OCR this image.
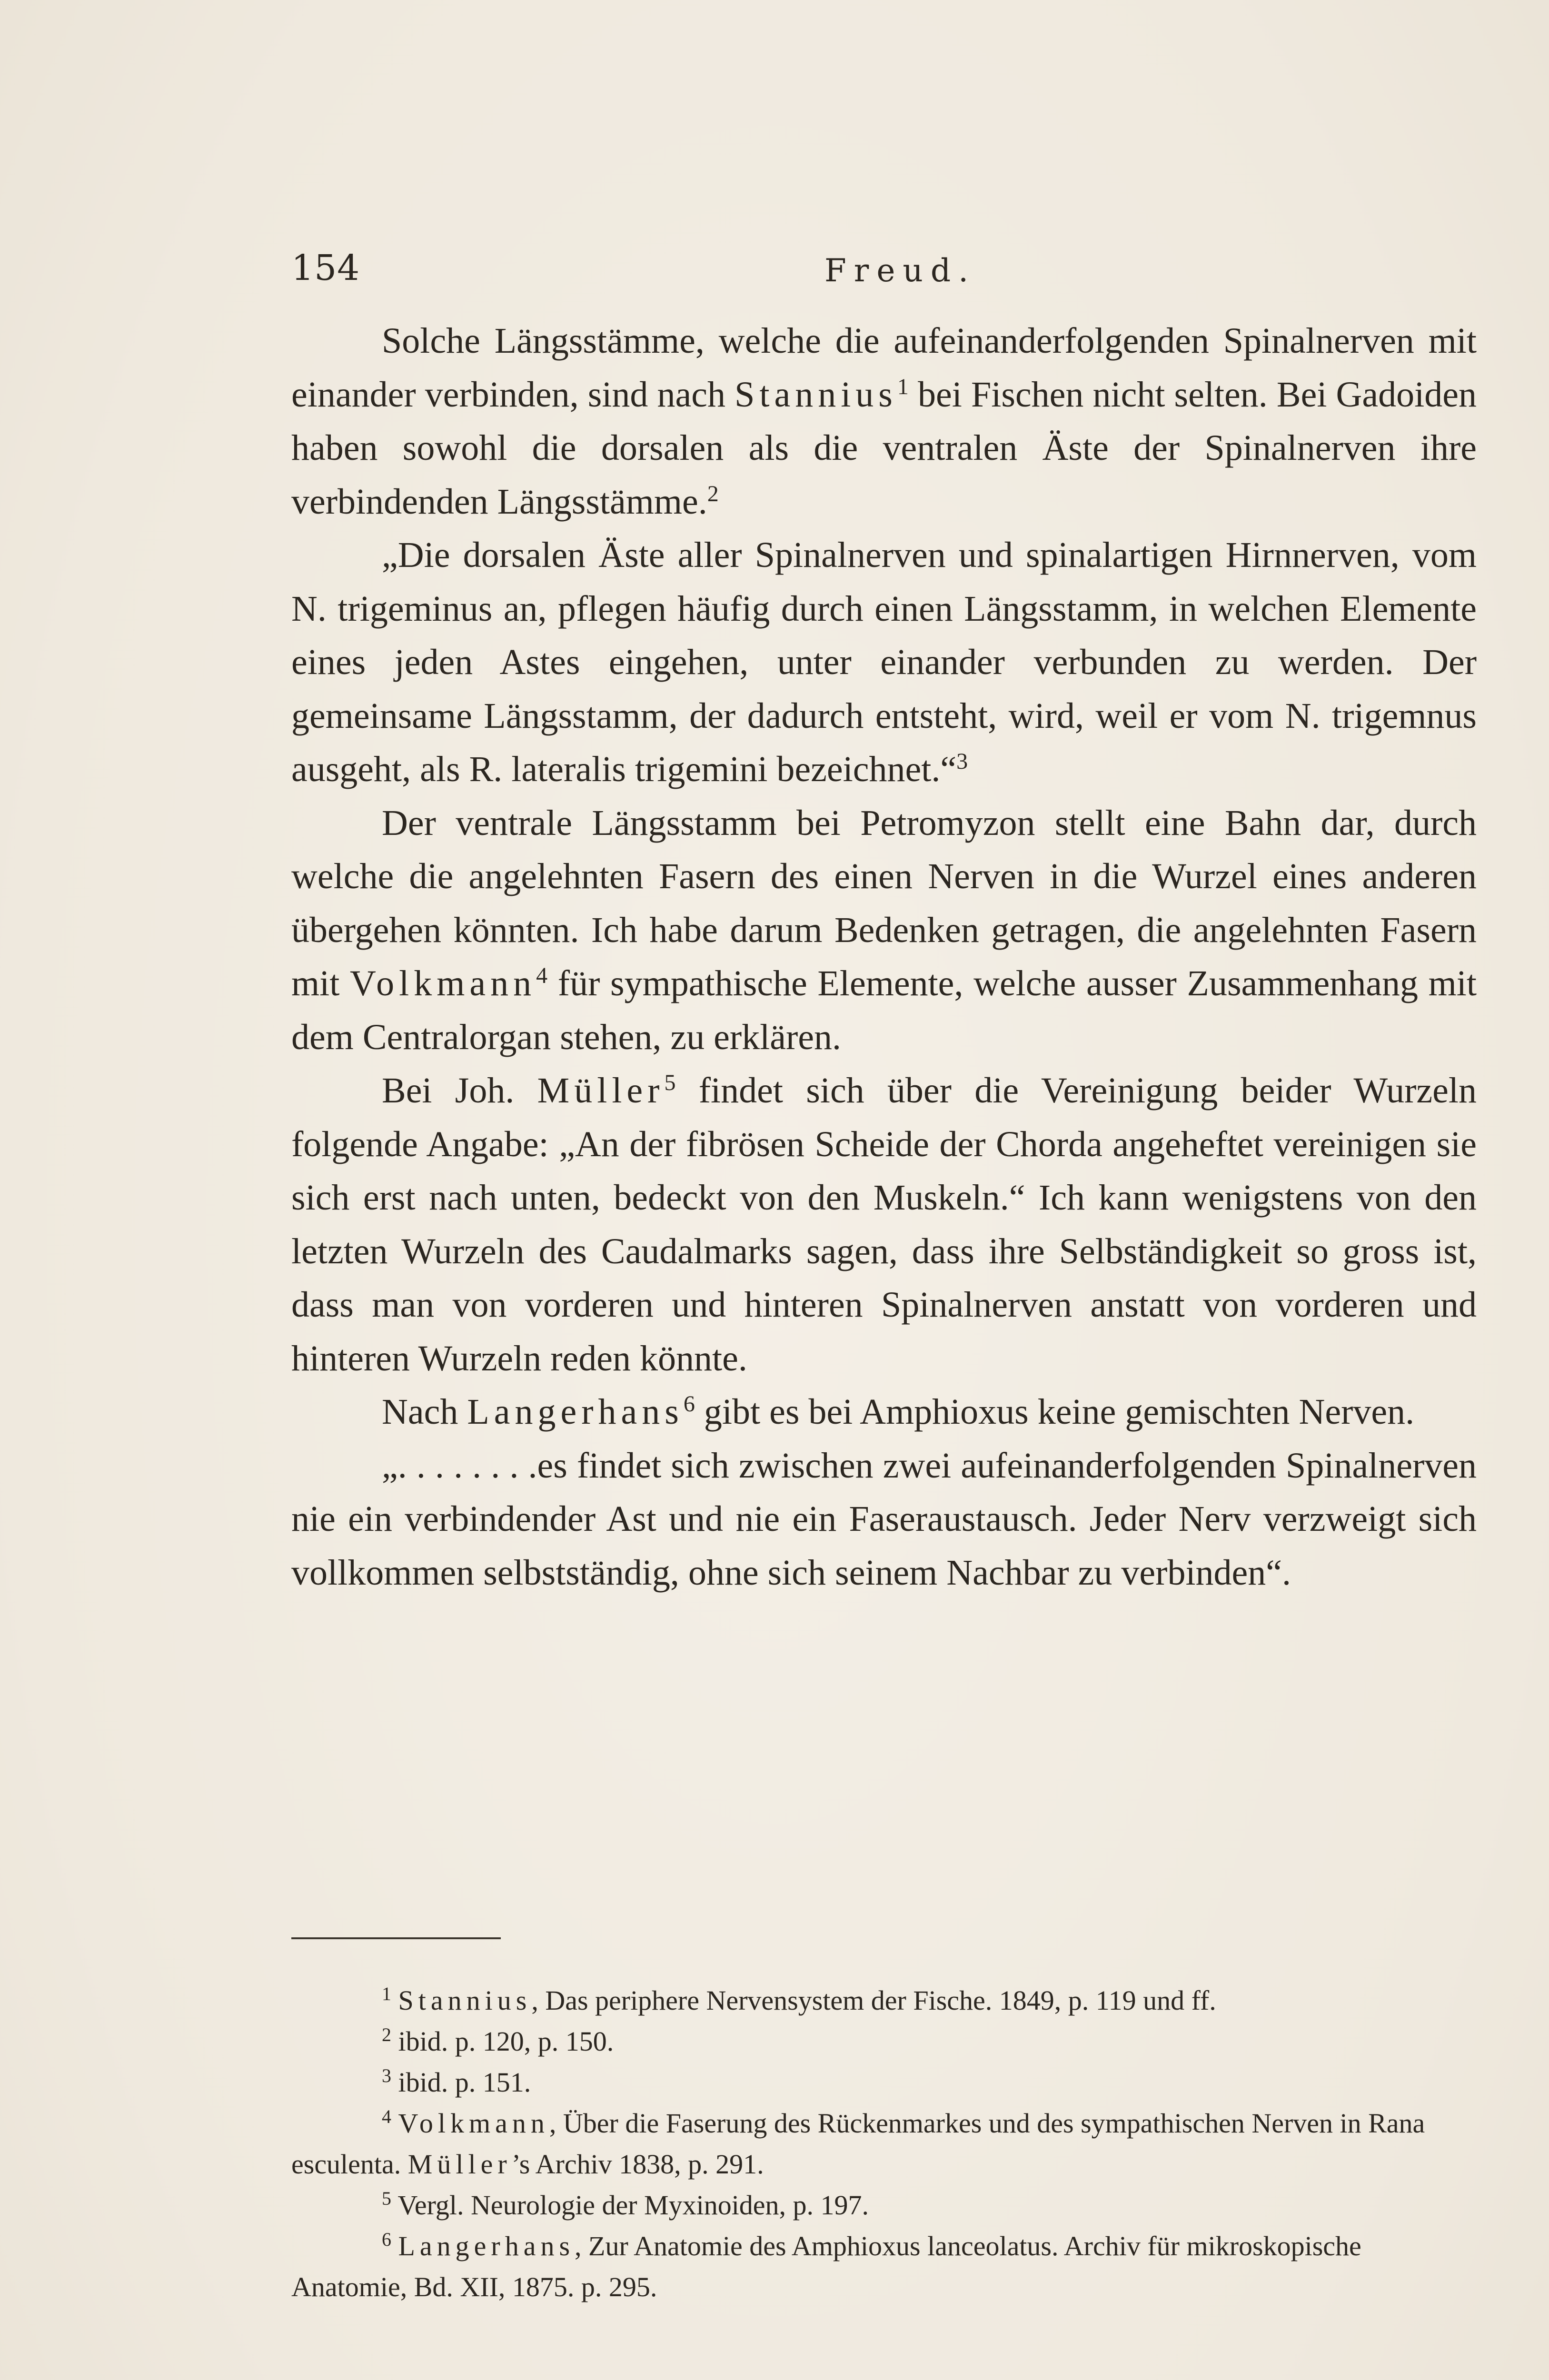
154	Freud.

Solche Längsstämme, welche die aufeinanderfolgenden Spinalnerven mit einander verbinden, sind nach Stannius$^1$ bei Fischen nicht selten. Bei Gadoiden haben sowohl die dorsalen als die ventralen Äste der Spinalnerven ihre verbindenden Längsstämme.$^2$

„Die dorsalen Äste aller Spinalnerven und spinalartigen Hirnnerven, vom N. trigeminus an, pflegen häufig durch einen Längsstamm, in welchen Elemente eines jeden Astes eingehen, unter einander verbunden zu werden. Der gemeinsame Längsstamm, der dadurch entsteht, wird, weil er vom N. trigemnus ausgeht, als R. lateralis trigemini bezeichnet.“$^3$

Der ventrale Längsstamm bei Petromyzon stellt eine Bahn dar, durch welche die angelehnten Fasern des einen Nerven in die Wurzel eines anderen übergehen könnten. Ich habe darum Bedenken getragen, die angelehnten Fasern mit Volkmann$^4$ für sympathische Elemente, welche ausser Zusammenhang mit dem Centralorgan stehen, zu erklären.

Bei Joh. Müller$^5$ findet sich über die Vereinigung beider Wurzeln folgende Angabe: „An der fibrösen Scheide der Chorda angeheftet vereinigen sie sich erst nach unten, bedeckt von den Muskeln.“ Ich kann wenigstens von den letzten Wurzeln des Caudalmarks sagen, dass ihre Selbständigkeit so gross ist, dass man von vorderen und hinteren Spinalnerven anstatt von vorderen und hinteren Wurzeln reden könnte.

Nach Langerhans$^6$ gibt es bei Amphioxus keine gemischten Nerven.

„. . . . . . . .es findet sich zwischen zwei aufeinanderfolgenden Spinalnerven nie ein verbindender Ast und nie ein Faseraustausch. Jeder Nerv verzweigt sich vollkommen selbstständig, ohne sich seinem Nachbar zu verbinden“.

$^1$ Stannius, Das periphere Nervensystem der Fische. 1849, p. 119 und ff.

$^2$ ibid. p. 120, p. 150.

$^3$ ibid. p. 151.

$^4$ Volkmann, Über die Faserung des Rückenmarkes und des sympathischen Nerven in Rana esculenta. Müller’s Archiv 1838, p. 291.

$^5$ Vergl. Neurologie der Myxinoiden, p. 197.

$^6$ Langerhans, Zur Anatomie des Amphioxus lanceolatus. Archiv für mikroskopische Anatomie, Bd. XII, 1875. p. 295.
